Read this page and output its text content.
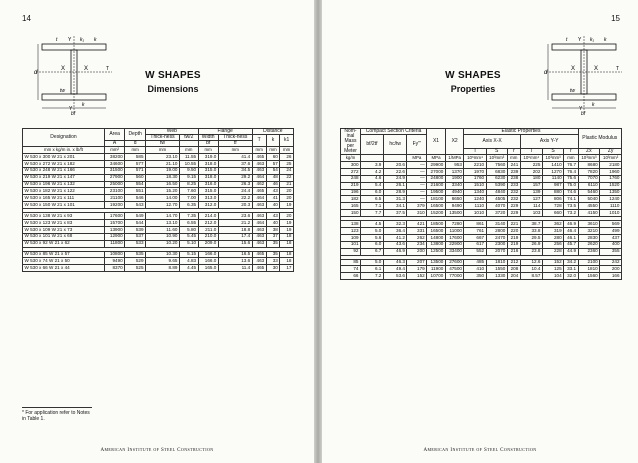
14
d
X	X	T
Y k₁ k
t
tw
Y
k
bf
W SHAPES
Dimensions
Designation	Area	Depth	Web		Flange		Distance		
			Thick-ness	tw/2	Width	Thick-ness	T	k	k1
	A	d	tw		bf	tf			
mm x kg/m in. x lb/ft	mm²	mm	mm	mm	mm	mm	mm	mm	mm
W 530 x 300 W 21 x 201	38200	585	23.10	11.55	319.0	41.4	465	60	26
W 530 x 272 W 21 x 182	34600	577	21.10	10.55	318.0	37.6	463	57	25
W 530 x 248 W 21 x 166	31500	571	19.00	9.50	315.0	34.5	463	54	24
W 530 x 219 W 21 x 147	27900	560	18.30	9.15	318.0	29.2	464	48	22
W 530 x 196 W 21 x 132	25000	554	16.50	8.25	316.0	26.3	462	46	21
W 530 x 182 W 21 x 122	23100	551	15.20	7.60	315.0	24.4	465	43	20
W 530 x 165 W 21 x 111	21100	546	14.00	7.00	313.0	22.2	464	41	20
W 530 x 150 W 21 x 101	19200	543	12.70	6.35	312.0	20.3	463	40	19

W 530 x 138 W 21 x 93	17600	549	14.70	7.35	214.0	23.6	463	43	20
W 530 x 123 W 21 x 83	15700	544	13.10	6.55	212.0	21.2	464	40	19
W 530 x 109 W 21 x 73	13900	539	11.60	5.80	211.0	18.8	463	38	19
W 530 x 101 W 21 x 68	12900	537	10.90	5.45	210.0	17.4	463	37	18
W 530 x 92 W 21 x 62	11800	533	10.20	5.10	209.0	15.6	463	35	18

W 530 x 85 W 21 x 57	10800	535	10.30	5.15	166.0	16.5	465	35	18
W 530 x 74 W 21 x 50	9490	529	9.65	4.83	166.0	13.6	463	33	18
W 530 x 66 W 21 x 44	8370	525	8.89	4.45	165.0	11.4	465	30	17
* For application refer to Notes in Table 1.
American Institute of Steel Construction
15
d
X	X	T
Y k₁ k
t
tw
Y
k
bf
W SHAPES
Properties
Nom-inal Mass per Meter	Compact Section Criteria			X1	X2	Elastic Properties						Plastic Modulus	
	bf/2tf	hc/tw	Fy'''			Axis X-X			Axis Y-Y				
						I	S	r	I	S	r	Zx	Zy
kg/m			MPa	MPa	1/MPa	10⁶mm⁴	10³mm³	mm	10⁶mm⁴	10³mm³	mm	10³mm³	10³mm³
300	3.9	20.6	—	29900	953	2210	7560	241	225	1410	76.7	8680	2180
272	4.2	22.6	—	27000	1370	1970	6830	239	202	1270	76.4	7820	1960
248	4.6	24.9	—	24800	1900	1760	6230	238	180	1140	75.6	7070	1760
219	5.4	26.1	—	21600	3340	1510	5390	233	157	987	75.0	6110	1520
196	6.0	28.9	—	19500	4940	1340	4840	232	139	880	74.6	5460	1350
182	6.5	31.3	—	18100	6650	1240	4505	232	127	806	74.1	5040	1240
165	7.1	34.1	379	16500	9490	1110	4070	229	114	728	73.5	4550	1110
150	7.7	37.5	310	15200	13500	1010	3720	229	103	660	73.2	4150	1010

138	4.5	32.3	421	18500	7280	861	3140	221	38.7	362	46.9	3610	569
123	5.0	36.4	331	16500	11000	761	2800	220	33.8	319	46.4	3210	499
109	5.6	41.2	262	14800	17600	667	2470	219	29.5	280	46.1	2830	437
101	6.0	43.6	234	13800	22900	617	2300	219	26.9	256	45.7	2620	400
92	6.7	46.9	200	12500	33400	552	2070	216	23.8	228	44.9	2360	355

85	5.0	46.3	207	13500	27600	485	1810	212	12.6	152	34.2	2100	242
74	6.1	49.4	179	11900	47500	410	1550	208	10.4	125	33.1	1810	200
66	7.2	53.6	152	10700	77000	350	1330	204	8.57	104	32.0	1560	166
American Institute of Steel Construction
